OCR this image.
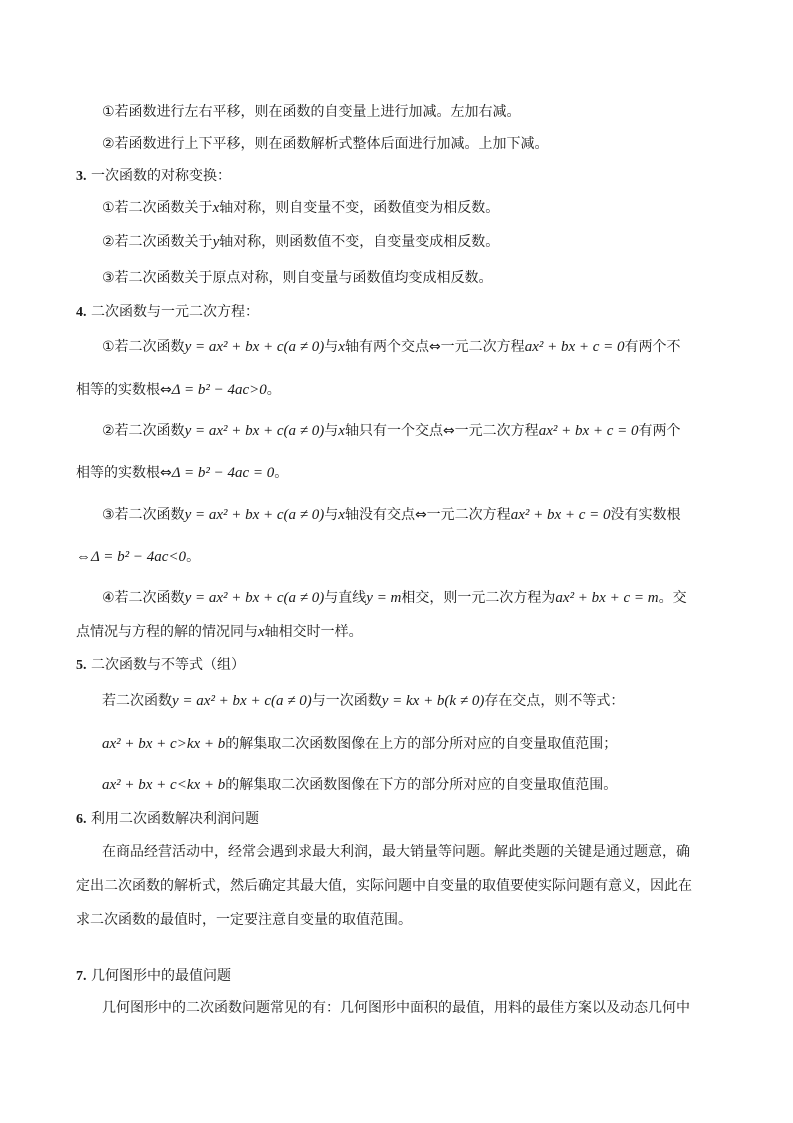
①若函数进行左右平移，则在函数的自变量上进行加减。左加右减。
②若函数进行上下平移，则在函数解析式整体后面进行加减。上加下减。
3. 一次函数的对称变换：
①若二次函数关于x轴对称，则自变量不变，函数值变为相反数。
②若二次函数关于y轴对称，则函数值不变，自变量变成相反数。
③若二次函数关于原点对称，则自变量与函数值均变成相反数。
4. 二次函数与一元二次方程：
①若二次函数y = ax² + bx + c(a ≠ 0)与x轴有两个交点⇔一元二次方程ax² + bx + c = 0有两个不
相等的实数根⇔Δ = b² − 4ac>0。
②若二次函数y = ax² + bx + c(a ≠ 0)与x轴只有一个交点⇔一元二次方程ax² + bx + c = 0有两个
相等的实数根⇔Δ = b² − 4ac = 0。
③若二次函数y = ax² + bx + c(a ≠ 0)与x轴没有交点⇔一元二次方程ax² + bx + c = 0没有实数根
⇔Δ = b² − 4ac<0。
④若二次函数y = ax² + bx + c(a ≠ 0)与直线y = m相交，则一元二次方程为ax² + bx + c = m。交
点情况与方程的解的情况同与x轴相交时一样。
5. 二次函数与不等式（组）
若二次函数y = ax² + bx + c(a ≠ 0)与一次函数y = kx + b(k ≠ 0)存在交点，则不等式：
ax² + bx + c>kx + b的解集取二次函数图像在上方的部分所对应的自变量取值范围；
ax² + bx + c<kx + b的解集取二次函数图像在下方的部分所对应的自变量取值范围。
6. 利用二次函数解决利润问题
在商品经营活动中，经常会遇到求最大利润，最大销量等问题。解此类题的关键是通过题意，确
定出二次函数的解析式，然后确定其最大值，实际问题中自变量的取值要使实际问题有意义，因此在
求二次函数的最值时，一定要注意自变量的取值范围。
7. 几何图形中的最值问题
几何图形中的二次函数问题常见的有：几何图形中面积的最值，用料的最佳方案以及动态几何中
